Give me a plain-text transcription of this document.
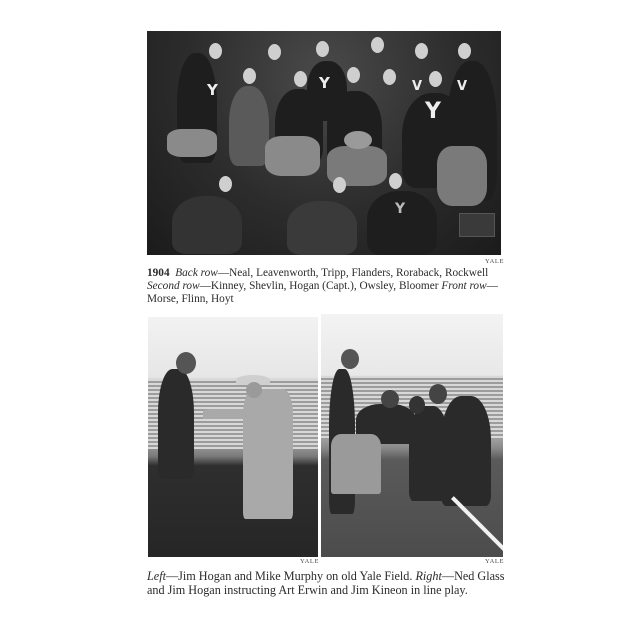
Y	Y	V	V
Y
Y
YALE
1904 Back row—Neal, Leavenworth, Tripp, Flanders, Roraback, Rockwell Second row—Kinney, Shevlin, Hogan (Capt.), Owsley, Bloomer Front row— Morse, Flinn, Hoyt
YALE	YALE
Left—Jim Hogan and Mike Murphy on old Yale Field. Right—Ned Glass and Jim Hogan instructing Art Erwin and Jim Kineon in line play.
